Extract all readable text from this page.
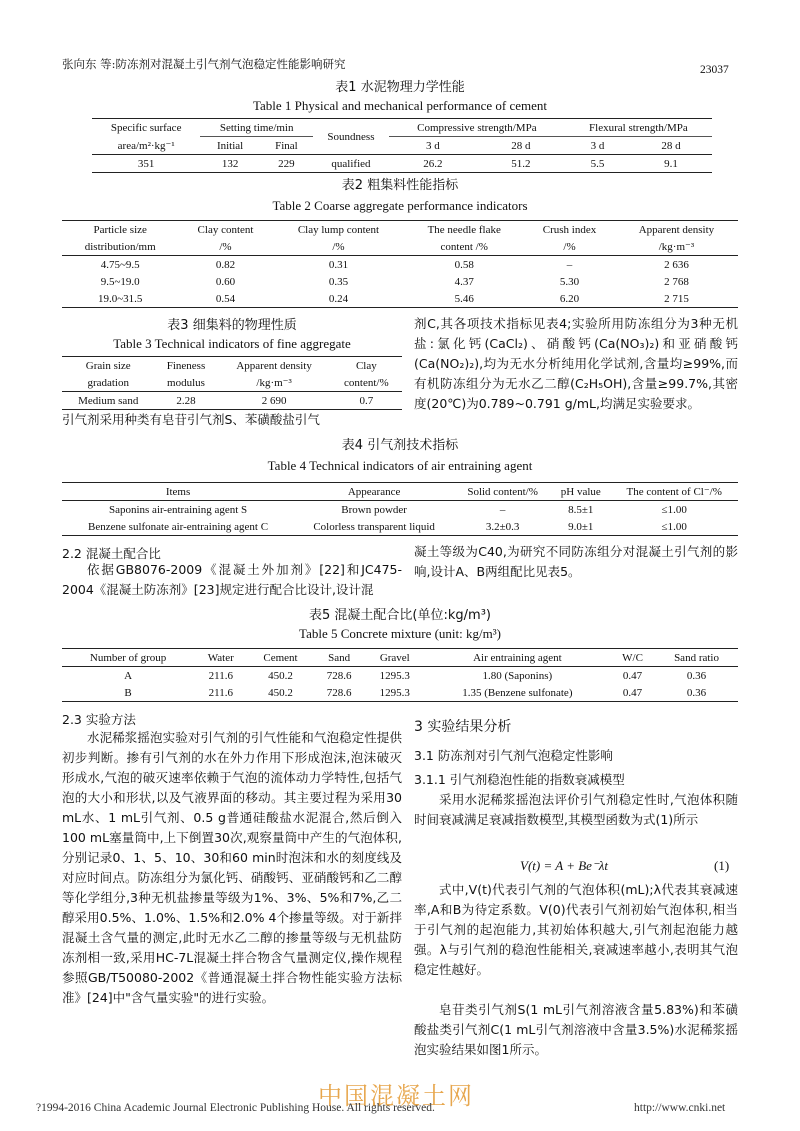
张向东 等:防冻剂对混凝土引气剂气泡稳定性能影响研究	23037
表1 水泥物理力学性能
Table 1 Physical and mechanical performance of cement
Specific surface	Setting time/min		Soundness	Compressive strength/MPa		Flexural strength/MPa	
area/m²·kg⁻¹	Initial	Final		3 d	28 d	3 d	28 d
351	132	229	qualified	26.2	51.2	5.5	9.1
表2 粗集料性能指标
Table 2 Coarse aggregate performance indicators
Particle size	Clay content	Clay lump content	The needle flake	Crush index	Apparent density
distribution/mm	/%	/%	content /%	/%	/kg·m⁻³
4.75~9.5	0.82	0.31	0.58	–	2 636
9.5~19.0	0.60	0.35	4.37	5.30	2 768
19.0~31.5	0.54	0.24	5.46	6.20	2 715
表3 细集料的物理性质
Table 3 Technical indicators of fine aggregate
Grain size	Fineness	Apparent density	Clay
gradation	modulus	/kg·m⁻³	content/%
Medium sand	2.28	2 690	0.7
引气剂采用种类有皂苷引气剂S、苯磺酸盐引气
剂C,其各项技术指标见表4;实验所用防冻组分为3种无机盐:氯化钙(CaCl₂)、硝酸钙(Ca(NO₃)₂)和亚硝酸钙(Ca(NO₂)₂),均为无水分析纯用化学试剂,含量均≥99%,而有机防冻组分为无水乙二醇(C₂H₅OH),含量≥99.7%,其密度(20℃)为0.789~0.791 g/mL,均满足实验要求。
表4 引气剂技术指标
Table 4 Technical indicators of air entraining agent
Items	Appearance	Solid content/%	pH value	The content of Cl⁻/%
Saponins air-entraining agent S	Brown powder	–	8.5±1	≤1.00
Benzene sulfonate air-entraining agent C	Colorless transparent liquid	3.2±0.3	9.0±1	≤1.00
2.2 混凝土配合比
依据GB8076-2009《混凝土外加剂》[22]和JC475-2004《混凝土防冻剂》[23]规定进行配合比设计,设计混
凝土等级为C40,为研究不同防冻组分对混凝土引气剂的影响,设计A、B两组配比见表5。
表5 混凝土配合比(单位:kg/m³)
Table 5 Concrete mixture (unit: kg/m³)
Number of group	Water	Cement	Sand	Gravel	Air entraining agent	W/C	Sand ratio
A	211.6	450.2	728.6	1295.3	1.80 (Saponins)	0.47	0.36
B	211.6	450.2	728.6	1295.3	1.35 (Benzene sulfonate)	0.47	0.36
2.3 实验方法
水泥稀浆摇泡实验对引气剂的引气性能和气泡稳定性提供初步判断。掺有引气剂的水在外力作用下形成泡沫,泡沫破灭形成水,气泡的破灭速率依赖于气泡的流体动力学特性,包括气泡的大小和形状,以及气液界面的移动。其主要过程为采用30 mL水、1 mL引气剂、0.5 g普通硅酸盐水泥混合,然后倒入100 mL塞量筒中,上下倒置30次,观察量筒中产生的气泡体积,分别记录0、1、5、10、30和60 min时泡沫和水的刻度线及对应时间点。防冻组分为氯化钙、硝酸钙、亚硝酸钙和乙二醇等化学组分,3种无机盐掺量等级为1%、3%、5%和7%,乙二醇采用0.5%、1.0%、1.5%和2.0% 4个掺量等级。对于新拌混凝土含气量的测定,此时无水乙二醇的掺量等级与无机盐防冻剂相一致,采用HC-7L混凝土拌合物含气量测定仪,操作规程参照GB/T50080-2002《普通混凝土拌合物性能实验方法标准》[24]中"含气量实验"的进行实验。
3 实验结果分析
3.1 防冻剂对引气剂气泡稳定性影响
3.1.1 引气剂稳泡性能的指数衰减模型
采用水泥稀浆摇泡法评价引气剂稳定性时,气泡体积随时间衰减满足衰减指数模型,其模型函数为式(1)所示
V(t) = A + Be⁻λt	(1)
式中,V(t)代表引气剂的气泡体积(mL);λ代表其衰减速率,A和B为待定系数。V(0)代表引气剂初始气泡体积,相当于引气剂的起泡能力,其初始体积越大,引气剂起泡能力越强。λ与引气剂的稳泡性能相关,衰减速率越小,表明其气泡稳定性越好。
皂苷类引气剂S(1 mL引气剂溶液含量5.83%)和苯磺酸盐类引气剂C(1 mL引气剂溶液中含量3.5%)水泥稀浆摇泡实验结果如图1所示。
中国混凝土网
?1994-2016 China Academic Journal Electronic Publishing House. All rights reserved.	http://www.cnki.net
